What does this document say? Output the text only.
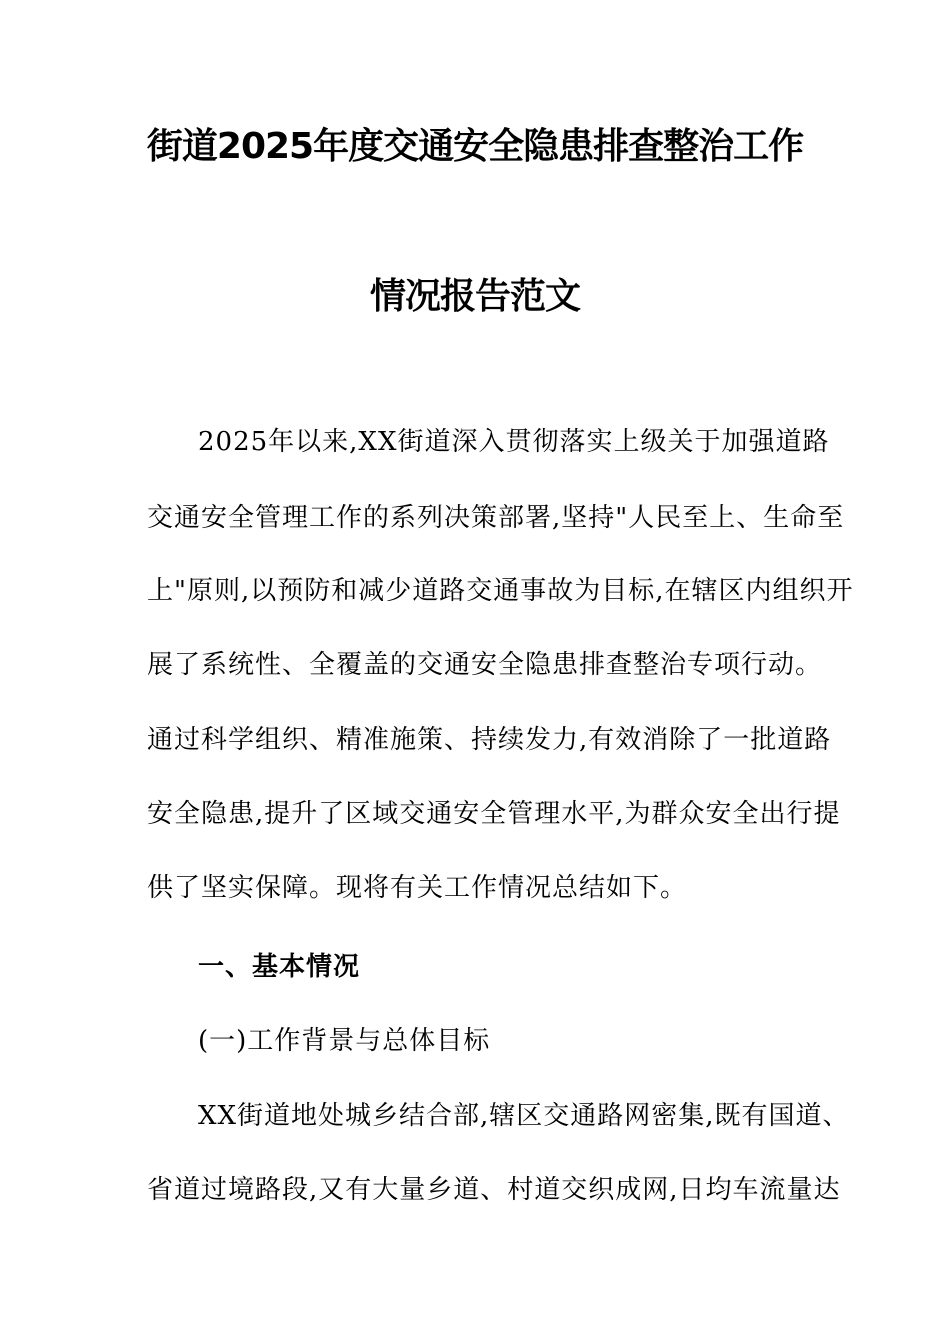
街道2025年度交通安全隐患排查整治工作
情况报告范文

2025年以来,XX街道深入贯彻落实上级关于加强道路

交通安全管理工作的系列决策部署,坚持"人民至上、生命至

上"原则,以预防和减少道路交通事故为目标,在辖区内组织开

展了系统性、全覆盖的交通安全隐患排查整治专项行动。

通过科学组织、精准施策、持续发力,有效消除了一批道路

安全隐患,提升了区域交通安全管理水平,为群众安全出行提

供了坚实保障。现将有关工作情况总结如下。

一、基本情况

(一)工作背景与总体目标

XX街道地处城乡结合部,辖区交通路网密集,既有国道、

省道过境路段,又有大量乡道、村道交织成网,日均车流量达
